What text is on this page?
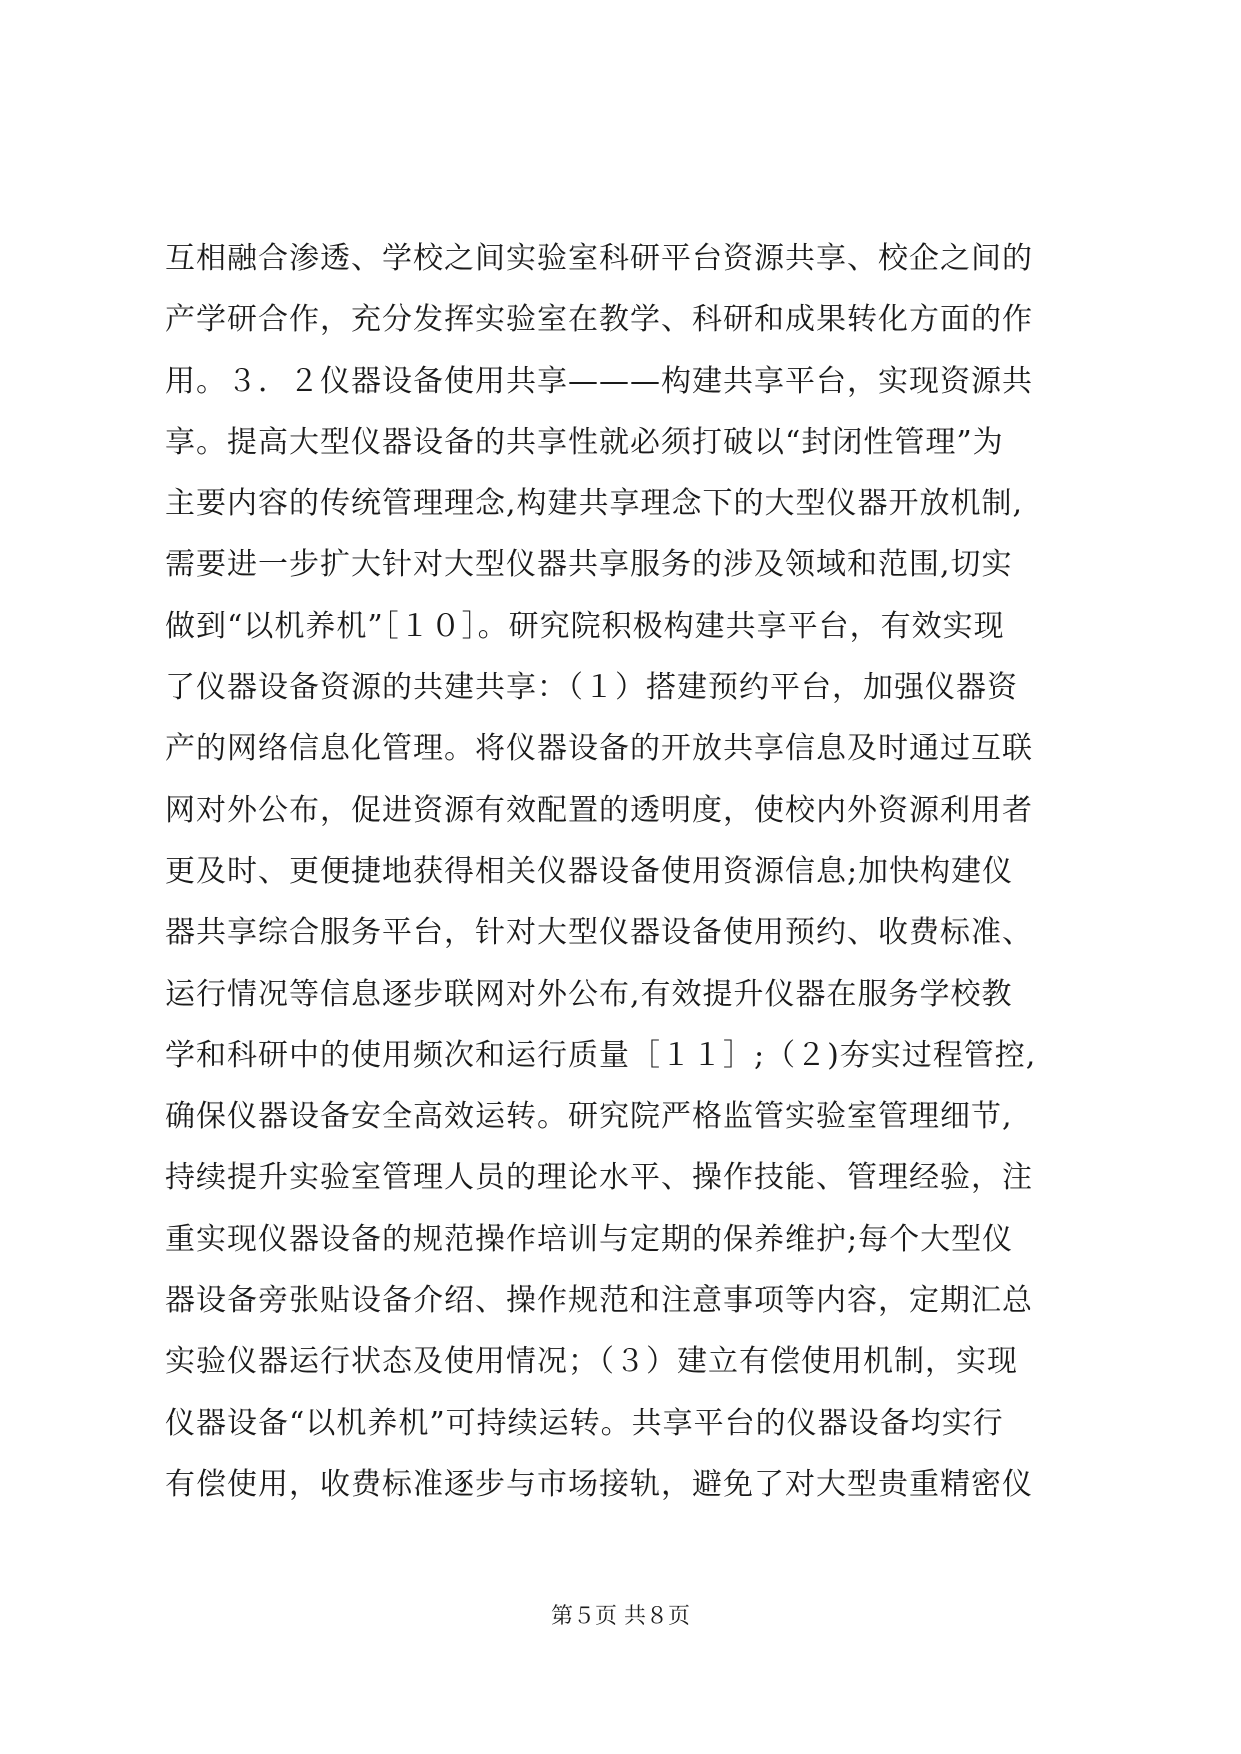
互相融合渗透、学校之间实验室科研平台资源共享、校企之间的
产学研合作，充分发挥实验室在教学、科研和成果转化方面的作
用。３．２仪器设备使用共享———构建共享平台，实现资源共
享。提高大型仪器设备的共享性就必须打破以“封闭性管理”为
主要内容的传统管理理念,构建共享理念下的大型仪器开放机制,
需要进一步扩大针对大型仪器共享服务的涉及领域和范围,切实
做到“以机养机”［１０］。研究院积极构建共享平台，有效实现
了仪器设备资源的共建共享：（１）搭建预约平台，加强仪器资
产的网络信息化管理。将仪器设备的开放共享信息及时通过互联
网对外公布，促进资源有效配置的透明度，使校内外资源利用者
更及时、更便捷地获得相关仪器设备使用资源信息;加快构建仪
器共享综合服务平台，针对大型仪器设备使用预约、收费标准、
运行情况等信息逐步联网对外公布,有效提升仪器在服务学校教
学和科研中的使用频次和运行质量［１１］;（２)夯实过程管控,
确保仪器设备安全高效运转。研究院严格监管实验室管理细节,
持续提升实验室管理人员的理论水平、操作技能、管理经验，注
重实现仪器设备的规范操作培训与定期的保养维护;每个大型仪
器设备旁张贴设备介绍、操作规范和注意事项等内容，定期汇总
实验仪器运行状态及使用情况；（３）建立有偿使用机制，实现
仪器设备“以机养机”可持续运转。共享平台的仪器设备均实行
有偿使用，收费标准逐步与市场接轨，避免了对大型贵重精密仪
第５页 共８页
